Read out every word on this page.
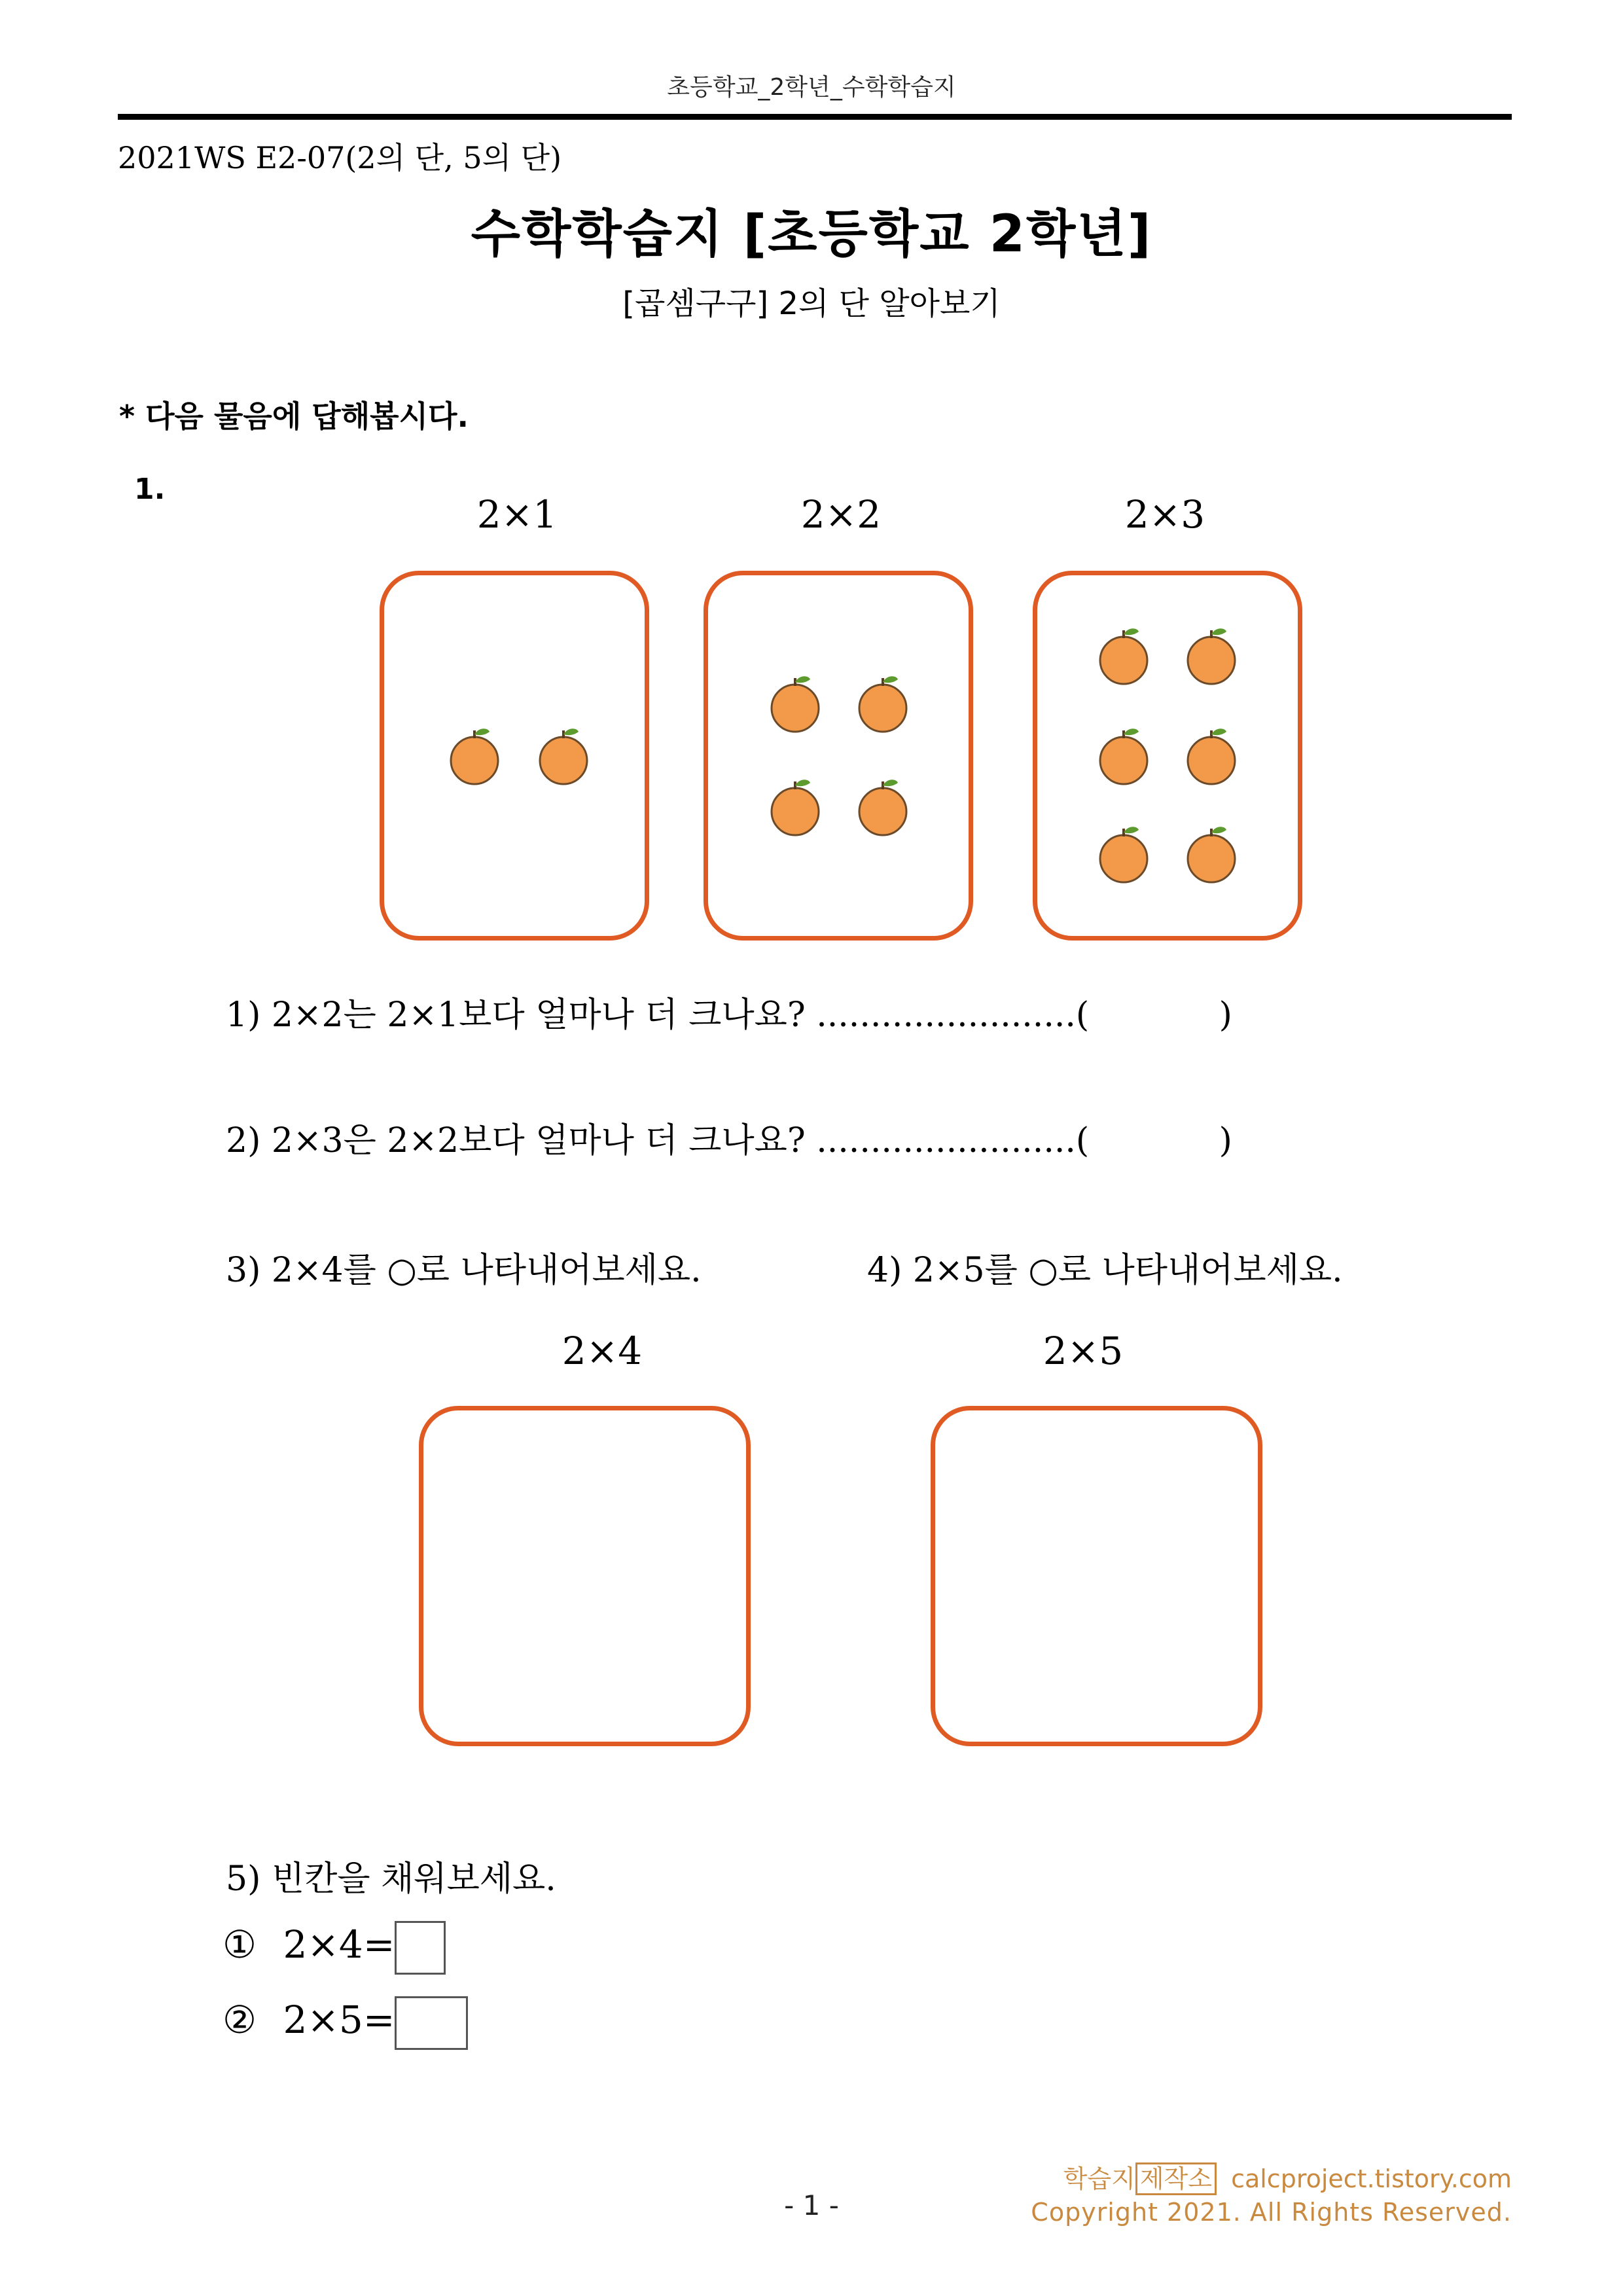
초등학교_2학년_수학학습지
2021WS E2-07(2의 단, 5의 단)
수학학습지 [초등학교 2학년]
[곱셈구구] 2의 단 알아보기
* 다음 물음에 답해봅시다.
1.
2×1	2×2	2×3
1) 2×2는 2×1보다 얼마나 더 크나요? ........................(            )
2) 2×3은 2×2보다 얼마나 더 크나요? ........................(            )
3) 2×4를 ○로 나타내어보세요.	4) 2×5를 ○로 나타내어보세요.
2×4	2×5
5) 빈칸을 채워보세요.
① 2×4=
② 2×5=
- 1 -
학습지 제작소 calcproject.tistory.com
Copyright 2021. All Rights Reserved.
